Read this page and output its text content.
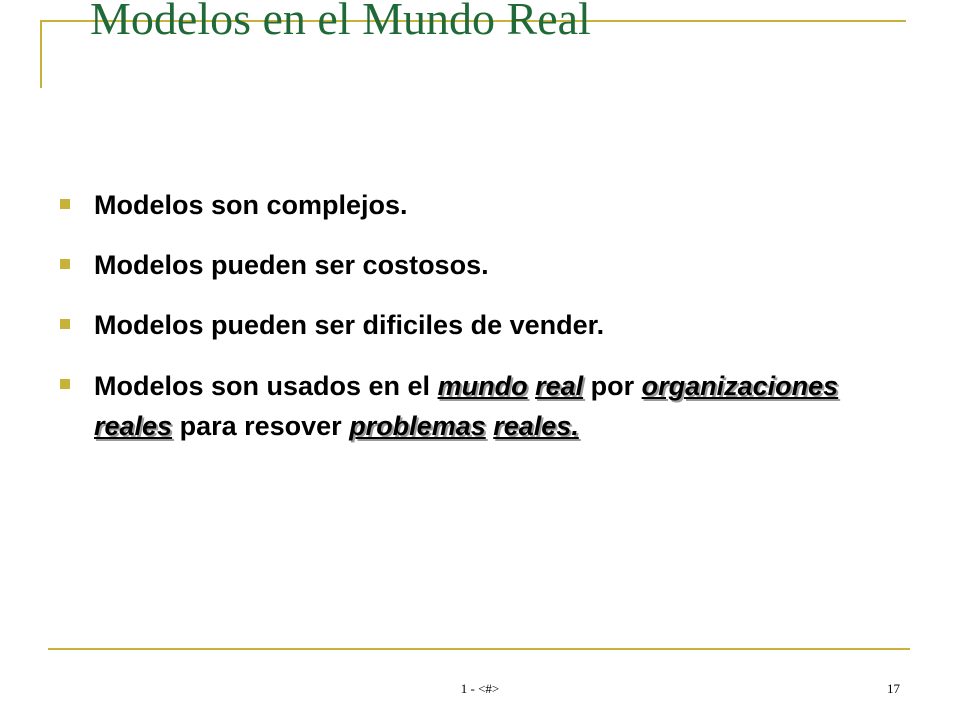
Modelos en el Mundo Real
Modelos son complejos.
Modelos pueden ser costosos.
Modelos pueden ser dificiles de vender.
Modelos son usados en el mundo real por organizaciones reales para resover problemas reales.
1 - <#>	17
